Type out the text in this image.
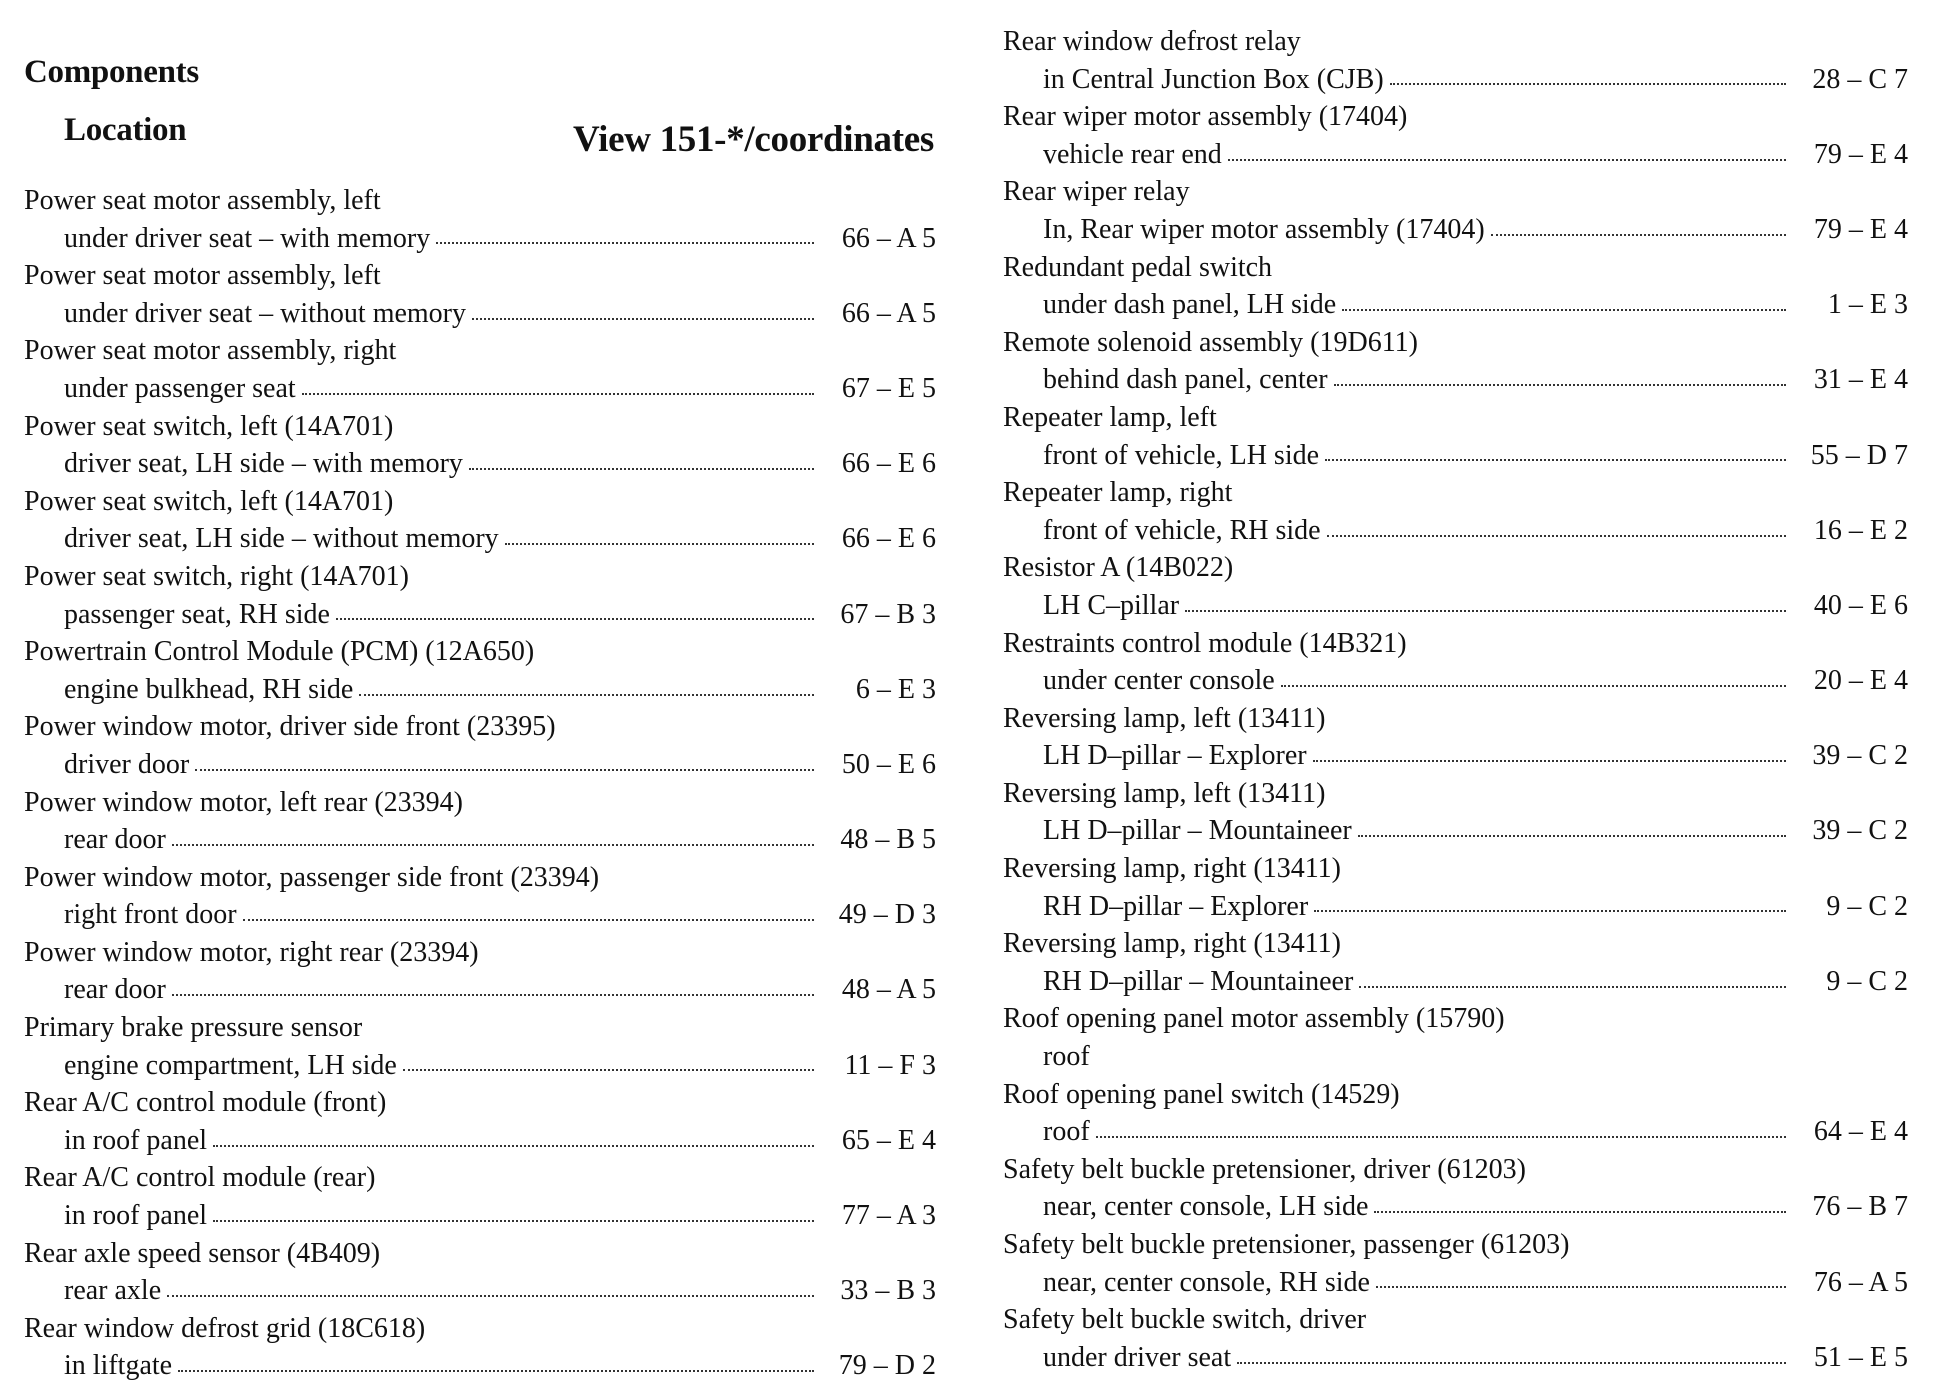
Components
Location	View 151-*/coordinates
Power seat motor assembly, left
under driver seat – with memory	66 – A 5
Power seat motor assembly, left
under driver seat – without memory	66 – A 5
Power seat motor assembly, right
under passenger seat	67 – E 5
Power seat switch, left (14A701)
driver seat, LH side – with memory	66 – E 6
Power seat switch, left (14A701)
driver seat, LH side – without memory	66 – E 6
Power seat switch, right (14A701)
passenger seat, RH side	67 – B 3
Powertrain Control Module (PCM) (12A650)
engine bulkhead, RH side	6 – E 3
Power window motor, driver side front (23395)
driver door	50 – E 6
Power window motor, left rear (23394)
rear door	48 – B 5
Power window motor, passenger side front (23394)
right front door	49 – D 3
Power window motor, right rear (23394)
rear door	48 – A 5
Primary brake pressure sensor
engine compartment, LH side	11 – F 3
Rear A/C control module (front)
in roof panel	65 – E 4
Rear A/C control module (rear)
in roof panel	77 – A 3
Rear axle speed sensor (4B409)
rear axle	33 – B 3
Rear window defrost grid (18C618)
in liftgate	79 – D 2
Rear window defrost relay
in Central Junction Box (CJB)	28 – C 7
Rear wiper motor assembly (17404)
vehicle rear end	79 – E 4
Rear wiper relay
In, Rear wiper motor assembly (17404)	79 – E 4
Redundant pedal switch
under dash panel, LH side	1 – E 3
Remote solenoid assembly (19D611)
behind dash panel, center	31 – E 4
Repeater lamp, left
front of vehicle, LH side	55 – D 7
Repeater lamp, right
front of vehicle, RH side	16 – E 2
Resistor A (14B022)
LH C–pillar	40 – E 6
Restraints control module (14B321)
under center console	20 – E 4
Reversing lamp, left (13411)
LH D–pillar – Explorer	39 – C 2
Reversing lamp, left (13411)
LH D–pillar – Mountaineer	39 – C 2
Reversing lamp, right (13411)
RH D–pillar – Explorer	9 – C 2
Reversing lamp, right (13411)
RH D–pillar – Mountaineer	9 – C 2
Roof opening panel motor assembly (15790)
roof
Roof opening panel switch (14529)
roof	64 – E 4
Safety belt buckle pretensioner, driver (61203)
near, center console, LH side	76 – B 7
Safety belt buckle pretensioner, passenger (61203)
near, center console, RH side	76 – A 5
Safety belt buckle switch, driver
under driver seat	51 – E 5
